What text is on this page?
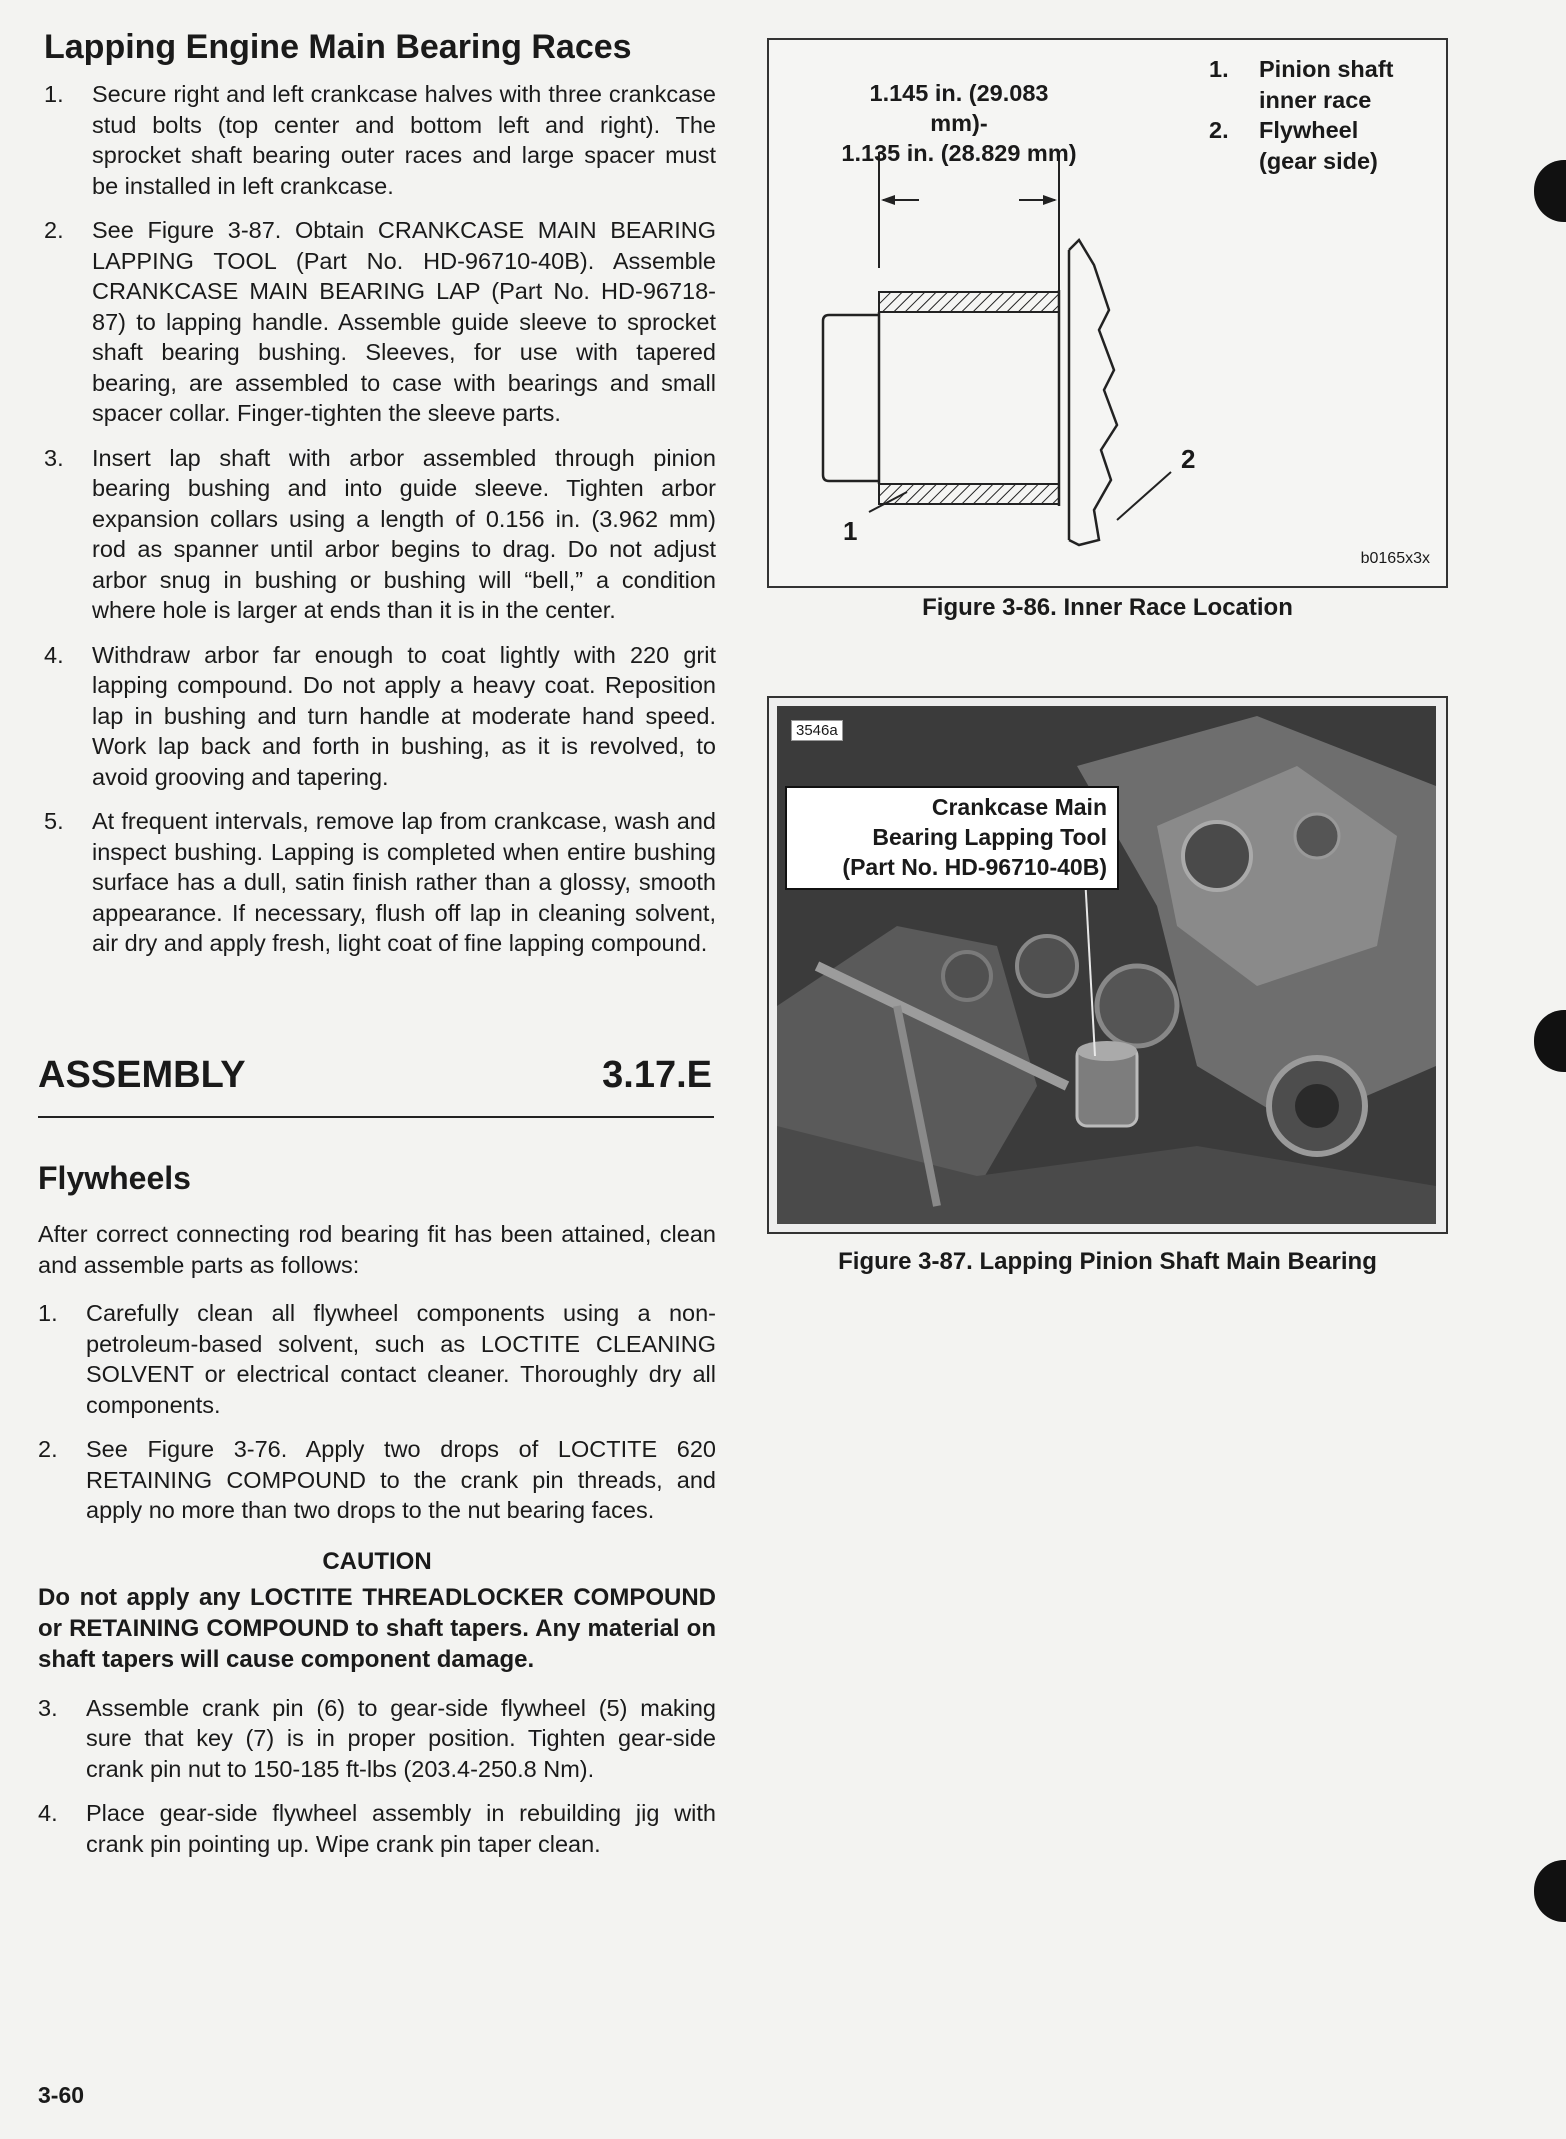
Lapping Engine Main Bearing Races
1. Secure right and left crankcase halves with three crankcase stud bolts (top center and bottom left and right). The sprocket shaft bearing outer races and large spacer must be installed in left crankcase.
2. See Figure 3-87. Obtain CRANKCASE MAIN BEARING LAPPING TOOL (Part No. HD-96710-40B). Assemble CRANKCASE MAIN BEARING LAP (Part No. HD-96718-87) to lapping handle. Assemble guide sleeve to sprocket shaft bearing bushing. Sleeves, for use with tapered bearing, are assembled to case with bearings and small spacer collar. Finger-tighten the sleeve parts.
3. Insert lap shaft with arbor assembled through pinion bearing bushing and into guide sleeve. Tighten arbor expansion collars using a length of 0.156 in. (3.962 mm) rod as spanner until arbor begins to drag. Do not adjust arbor snug in bushing or bushing will “bell,” a condition where hole is larger at ends than it is in the center.
4. Withdraw arbor far enough to coat lightly with 220 grit lapping compound. Do not apply a heavy coat. Reposition lap in bushing and turn handle at moderate hand speed. Work lap back and forth in bushing, as it is revolved, to avoid grooving and tapering.
5. At frequent intervals, remove lap from crankcase, wash and inspect bushing. Lapping is completed when entire bushing surface has a dull, satin finish rather than a glossy, smooth appearance. If necessary, flush off lap in cleaning solvent, air dry and apply fresh, light coat of fine lapping compound.
ASSEMBLY	3.17.E
Flywheels

After correct connecting rod bearing fit has been attained, clean and assemble parts as follows:

1. Carefully clean all flywheel components using a non-petroleum-based solvent, such as LOCTITE CLEANING SOLVENT or electrical contact cleaner. Thoroughly dry all components.
2. See Figure 3-76. Apply two drops of LOCTITE 620 RETAINING COMPOUND to the crank pin threads, and apply no more than two drops to the nut bearing faces.
CAUTION

Do not apply any LOCTITE THREADLOCKER COMPOUND or RETAINING COMPOUND to shaft tapers. Any material on shaft tapers will cause component damage.

3. Assemble crank pin (6) to gear-side flywheel (5) making sure that key (7) is in proper position. Tighten gear-side crank pin nut to 150-185 ft-lbs (203.4-250.8 Nm).
4. Place gear-side flywheel assembly in rebuilding jig with crank pin pointing up. Wipe crank pin taper clean.
3-60
1.145 in. (29.083 mm)-
1.135 in. (28.829 mm)
1.	Pinion shaft
inner race
2.	Flywheel
(gear side)
1
2
b0165x3x
Figure 3-86. Inner Race Location
3546a
Crankcase Main
Bearing Lapping Tool
(Part No. HD-96710-40B)
Figure 3-87. Lapping Pinion Shaft Main Bearing
